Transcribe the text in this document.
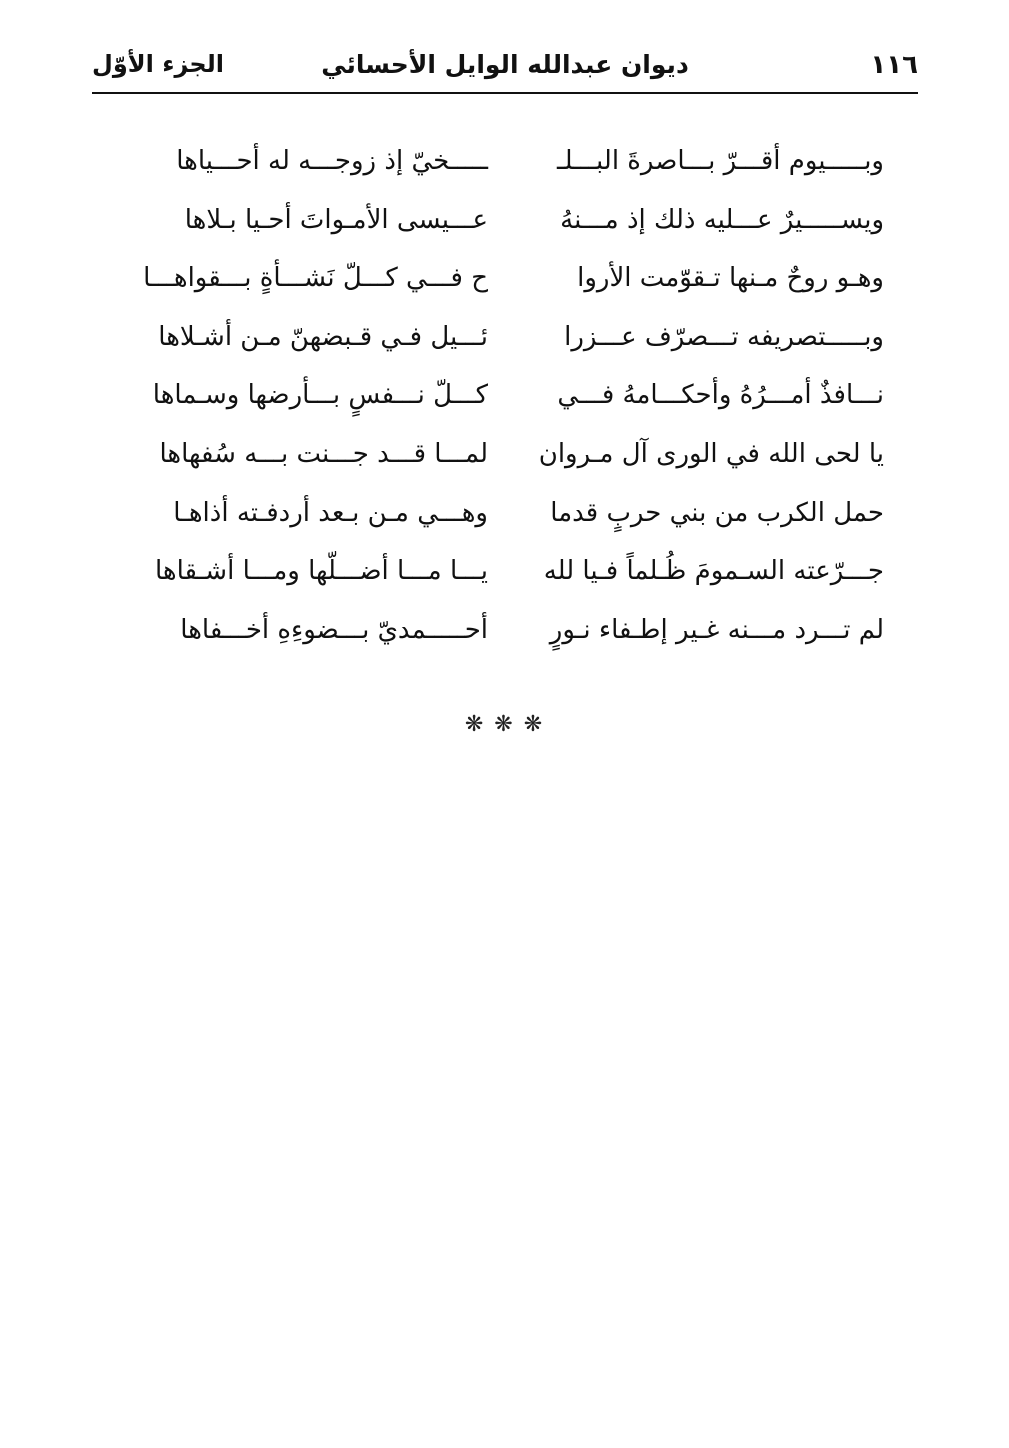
١١٦
ديوان عبدالله الوايل الأحسائي
الجزء الأوّل
وبـــــيوم أقـــرّ بـــاصرةَ البـــلـ
ـــــخيّ إذ زوجـــه له أحـــياها
ويســـــيرٌ عـــليه ذلك إذ مـــنهُ
عـــيسى الأمـواتَ أحـيا بـلاها
وهـو روحٌ مـنها تـقوّمت الأروا
ح فـــي كـــلّ نَشـــأةٍ بـــقواهـــا
وبـــــتصريفه تـــصرّف عـــزرا
ئـــيل فـي قـبضهنّ مـن أشـلاها
نـــافذٌ أمـــرُهُ وأحكـــامهُ فـــي
كـــلّ نـــفسٍ بـــأرضها وسـماها
يا لحى الله في الورى آل مـروان
لمـــا قـــد جـــنت بـــه سُفهاها
حمل الكرب من بني حربٍ قدما
وهـــي مـن بـعد أردفـته أذاهـا
جـــرّعته السـمومَ ظُـلماً فـيا لله
يـــا مـــا أضـــلّها ومـــا أشـقاها
لم تـــرد مـــنه غـير إطـفاء نـورٍ
أحـــــمديّ بـــضوءِهِ أخـــفاها
❋ ❋ ❋
